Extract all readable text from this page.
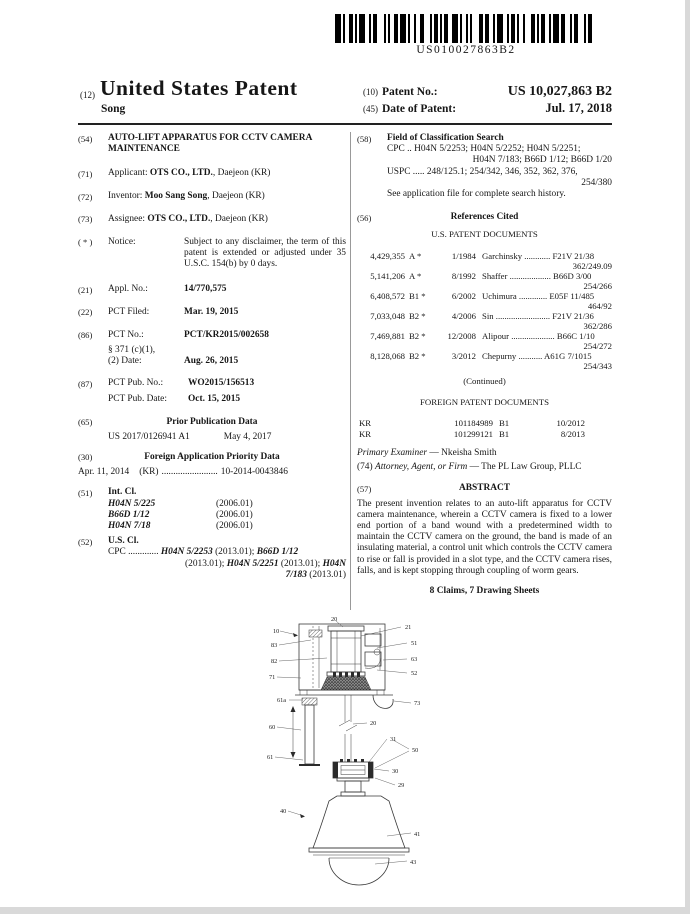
US010027863B2
(12) United States Patent
Song
(10) Patent No.:	US 10,027,863 B2
(45) Date of Patent:	Jul. 17, 2018
(54)	AUTO-LIFT APPARATUS FOR CCTV CAMERA MAINTENANCE
(71)	Applicant: OTS CO., LTD., Daejeon (KR)
(72)	Inventor: Moo Sang Song, Daejeon (KR)
(73)	Assignee: OTS CO., LTD., Daejeon (KR)
( * )	Notice:	Subject to any disclaimer, the term of this patent is extended or adjusted under 35 U.S.C. 154(b) by 0 days.
(21)	Appl. No.:	14/770,575
(22)	PCT Filed:	Mar. 19, 2015
(86)	PCT No.:	PCT/KR2015/002658
§ 371 (c)(1),
(2) Date:	Aug. 26, 2015
(87)	PCT Pub. No.:	WO2015/156513
PCT Pub. Date:	Oct. 15, 2015
(65)	Prior Publication Data
US 2017/0126941 A1	May 4, 2017
(30)	Foreign Application Priority Data
Apr. 11, 2014 (KR) ........................ 10-2014-0043846
(51)	Int. Cl.
H04N 5/225	(2006.01)
B66D 1/12	(2006.01)
H04N 7/18	(2006.01)
(52)	U.S. Cl.
CPC ............. H04N 5/2253 (2013.01); B66D 1/12
(2013.01); H04N 5/2251 (2013.01); H04N
7/183 (2013.01)
(58)	Field of Classification Search
CPC .. H04N 5/2253; H04N 5/2252; H04N 5/2251;
H04N 7/183; B66D 1/12; B66D 1/20
USPC ..... 248/125.1; 254/342, 346, 352, 362, 376,
254/380
See application file for complete search history.
(56)	References Cited
U.S. PATENT DOCUMENTS
4,429,355 A *	1/1984 Garchinsky ............ F21V 21/38
362/249.09
5,141,206 A *	8/1992 Shaffer ................... B66D 3/00
254/266
6,408,572 B1 *	6/2002 Uchimura ............. E05F 11/485
464/92
7,033,048 B2 *	4/2006 Sin ......................... F21V 21/36
362/286
7,469,881 B2 *	12/2008 Alipour .................... B66C 1/10
254/272
8,128,068 B2 *	3/2012 Chepurny ........... A61G 7/1015
254/343
(Continued)
FOREIGN PATENT DOCUMENTS
KR	101184989 B1	10/2012
KR	101299121 B1	8/2013
Primary Examiner — Nkeisha Smith
(74) Attorney, Agent, or Firm — The PL Law Group, PLLC
(57)	ABSTRACT
The present invention relates to an auto-lift apparatus for CCTV camera maintenance, wherein a CCTV camera is fixed to a lower end portion of a band wound with a predetermined width to maintain the CCTV camera on the ground, the band is made of an insulating material, a control unit which controls the CCTV camera to rise or fall is provided in a slot type, and the CCTV camera rises, falls, and is kept stopping through coupling of worm gears.
8 Claims, 7 Drawing Sheets
10
20
21
51
63
52
83
82
71
73
61a
60
61
20
31
50
30
29
40
41
43
